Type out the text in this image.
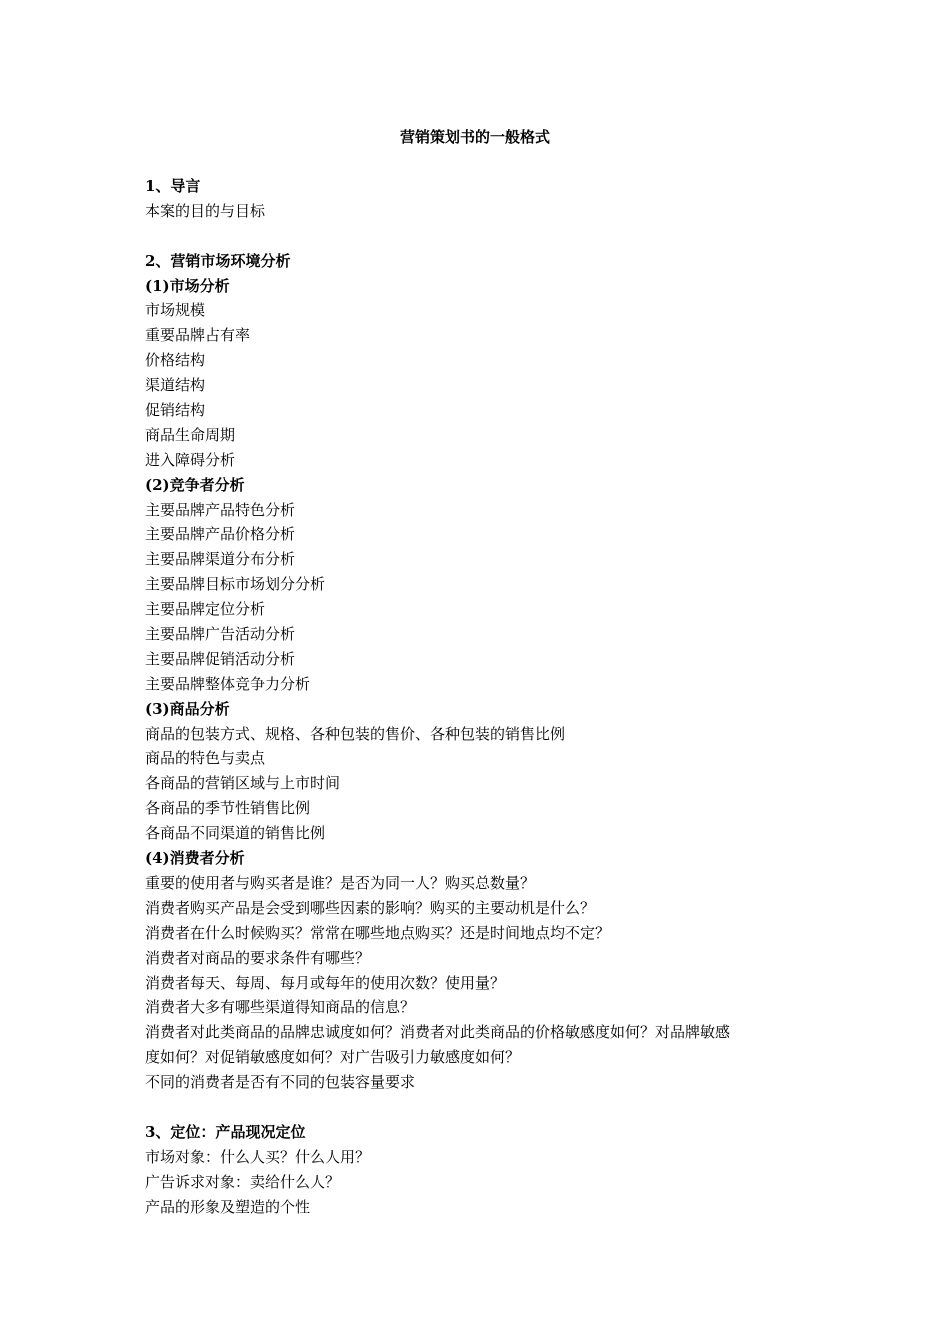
营销策划书的一般格式
1、导言
本案的目的与目标
2、营销市场环境分析
(1)市场分析
市场规模
重要品牌占有率
价格结构
渠道结构
促销结构
商品生命周期
进入障碍分析
(2)竞争者分析
主要品牌产品特色分析
主要品牌产品价格分析
主要品牌渠道分布分析
主要品牌目标市场划分分析
主要品牌定位分析
主要品牌广告活动分析
主要品牌促销活动分析
主要品牌整体竞争力分析
(3)商品分析
商品的包装方式、规格、各种包装的售价、各种包装的销售比例
商品的特色与卖点
各商品的营销区域与上市时间
各商品的季节性销售比例
各商品不同渠道的销售比例
(4)消费者分析
重要的使用者与购买者是谁？是否为同一人？购买总数量？
消费者购买产品是会受到哪些因素的影响？购买的主要动机是什么？
消费者在什么时候购买？常常在哪些地点购买？还是时间地点均不定？
消费者对商品的要求条件有哪些？
消费者每天、每周、每月或每年的使用次数？使用量？
消费者大多有哪些渠道得知商品的信息？
消费者对此类商品的品牌忠诚度如何？消费者对此类商品的价格敏感度如何？对品牌敏感
度如何？对促销敏感度如何？对广告吸引力敏感度如何？
不同的消费者是否有不同的包装容量要求
3、定位：产品现况定位
市场对象：什么人买？什么人用？
广告诉求对象：卖给什么人？
产品的形象及塑造的个性
